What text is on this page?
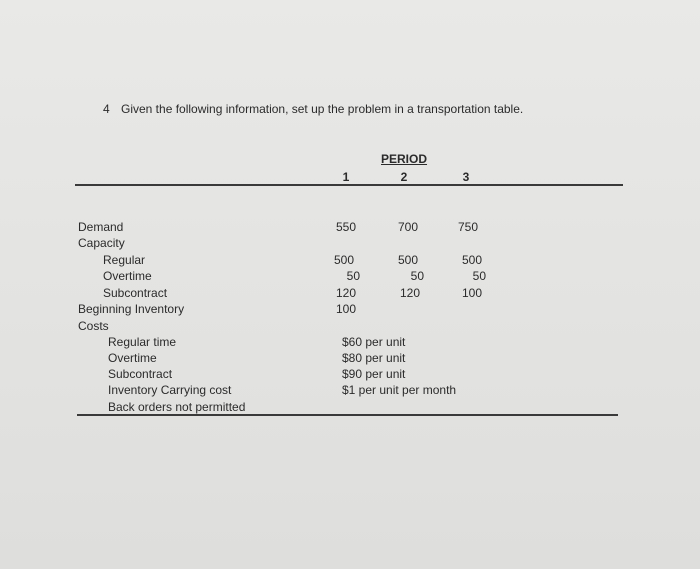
4 Given the following information, set up the problem in a transportation table.
PERIOD
1	2	3
Demand	550	700	750
Capacity
Regular	500	500	500
Overtime	50	50	50
Subcontract	120	120	100
Beginning Inventory	100
Costs
Regular time	$60 per unit
Overtime	$80 per unit
Subcontract	$90 per unit
Inventory Carrying cost	$1 per unit per month
Back orders not permitted
